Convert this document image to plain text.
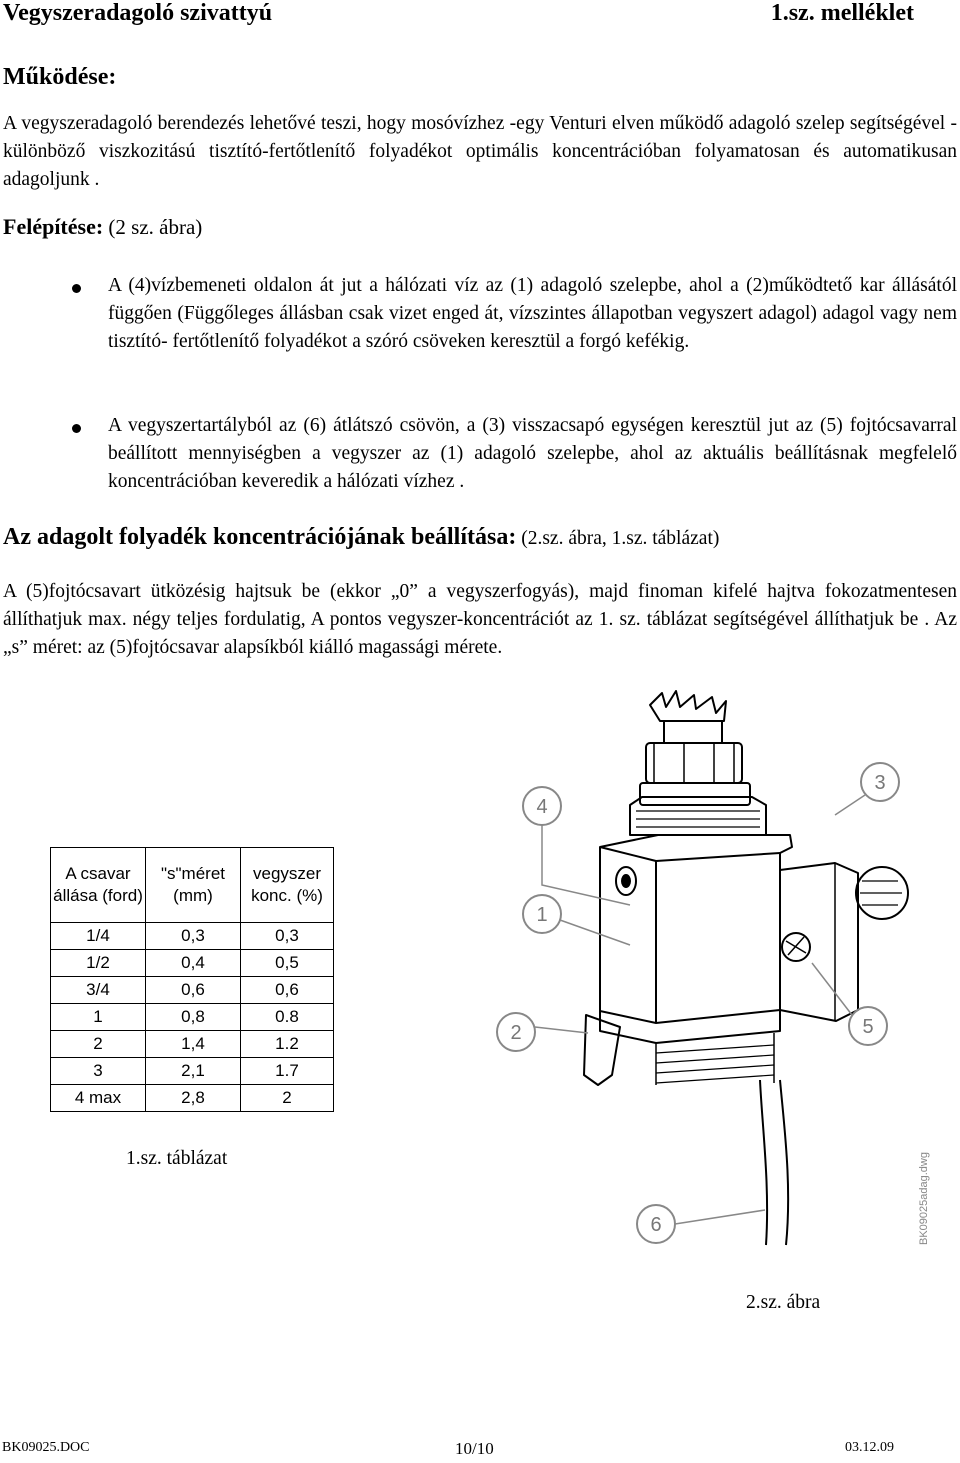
Vegyszeradagoló szivattyú	1.sz. melléklet
Működése:
A vegyszeradagoló berendezés lehetővé teszi, hogy mosóvízhez -egy Venturi elven működő adagoló szelep segítségével - különböző viszkozitású tisztító-fertőtlenítő folyadékot optimális koncentrációban folyamatosan és automatikusan adagoljunk .
Felépítése: (2 sz. ábra)
A (4)vízbemeneti oldalon át jut a hálózati víz az (1) adagoló szelepbe, ahol a (2)működtető kar állásától függően (Függőleges állásban csak vizet enged át, vízszintes állapotban vegyszert adagol) adagol vagy nem tisztító- fertőtlenítő folyadékot a szóró csöveken keresztül a forgó kefékig.
A vegyszertartályból az (6) átlátszó csövön, a (3) visszacsapó egységen keresztül jut az (5) fojtócsavarral beállított mennyiségben a vegyszer az (1) adagoló szelepbe, ahol az aktuális beállításnak megfelelő koncentrációban keveredik a hálózati vízhez .
Az adagolt folyadék koncentrációjának beállítása: (2.sz. ábra, 1.sz. táblázat)
A (5)fojtócsavart ütközésig hajtsuk be (ekkor „0” a vegyszerfogyás), majd finoman kifelé hajtva fokozatmentesen állíthatjuk max. négy teljes fordulatig, A pontos vegyszer-koncentrációt az 1. sz. táblázat segítségével állíthatjuk be . Az „s” méret: az (5)fojtócsavar alapsíkból kiálló magassági mérete.
A csavar állása (ford)	"s"méret (mm)	vegyszer konc. (%)
1/4	0,3	0,3
1/2	0,4	0,5
3/4	0,6	0,6
1	0,8	0.8
2	1,4	1.2
3	2,1	1.7
4 max	2,8	2
1.sz. táblázat
4
3
1
2	5
6	BK09025adag.dwg
2.sz. ábra
BK09025.DOC	10/10	03.12.09
